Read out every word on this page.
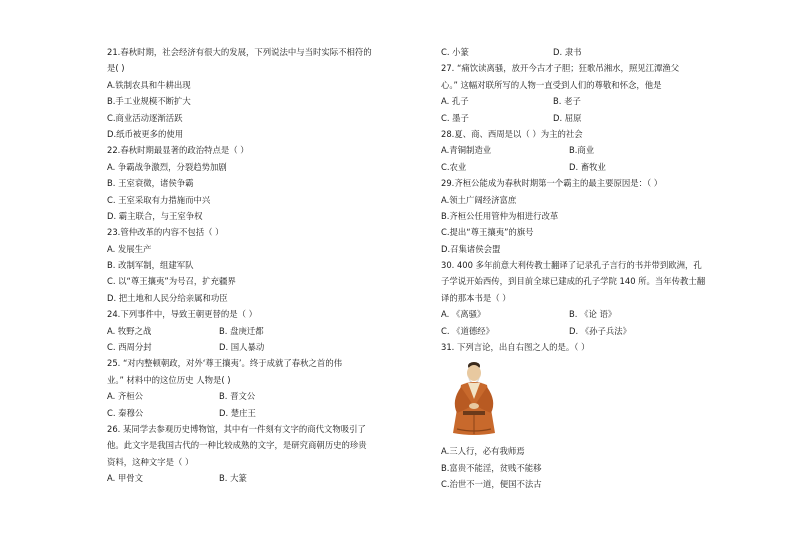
21.春秋时期，社会经济有很大的发展，下列说法中与当时实际不相符的
是( )
A.铁制农具和牛耕出现
B.手工业规模不断扩大
C.商业活动逐渐活跃
D.纸币被更多的使用
22.春秋时期最显著的政治特点是（ ）
A. 争霸战争激烈，分裂趋势加剧
B. 王室衰微，诸侯争霸
C. 王室采取有力措施而中兴
D. 霸主联合，与王室争权
23.管仲改革的内容不包括（ ）
A. 发展生产
B. 改制军制，组建军队
C. 以“尊王攘夷”为号召，扩充疆界
D. 把土地和人民分给亲属和功臣
24.下列事件中，导致王朝更替的是（ ）
A. 牧野之战	B. 盘庚迁都
C. 西周分封	D. 国人暴动
25. “对内整顿朝政，对外‘尊王攘夷’。终于成就了春秋之首的伟
业。” 材料中的这位历史 人物是( )
A. 齐桓公	B. 晋文公
C. 秦穆公	D. 楚庄王
26. 某同学去参观历史博物馆，其中有一件刻有文字的商代文物吸引了
他。此文字是我国古代的一种比较成熟的文字，是研究商朝历史的珍贵
资料，这种文字是（ ）
A. 甲骨文	B. 大篆
C. 小篆	D. 隶书
27. “痛饮读离骚，放开今古才子胆；狂歌吊湘水，照见江潭渔父
心。” 这幅对联所写的人物一直受到人们的尊敬和怀念，他是
A. 孔子	B. 老子
C. 墨子	D. 屈原
28.夏、商、西周是以（ ）为主的社会
A.青铜制造业	B.商业
C.农业	D. 畜牧业
29.齐桓公能成为春秋时期第一个霸主的最主要原因是：（ ）
A.领土广阔经济富庶
B.齐桓公任用管仲为相进行改革
C.提出“尊王攘夷”的旗号
D.召集诸侯会盟
30. 400 多年前意大利传教士翻译了记录孔子言行的书并带到欧洲，孔
子学说开始西传，到目前全球已建成的孔子学院 140 所。当年传教士翻
译的那本书是（ ）
A. 《离骚》	B. 《论 语》
C. 《道德经》	D. 《孙子兵法》
31. 下列言论，出自右图之人的是。（ ）
A.三人行，必有我师焉
B.富贵不能淫，贫贱不能移
C.治世不一道，便国不法古
